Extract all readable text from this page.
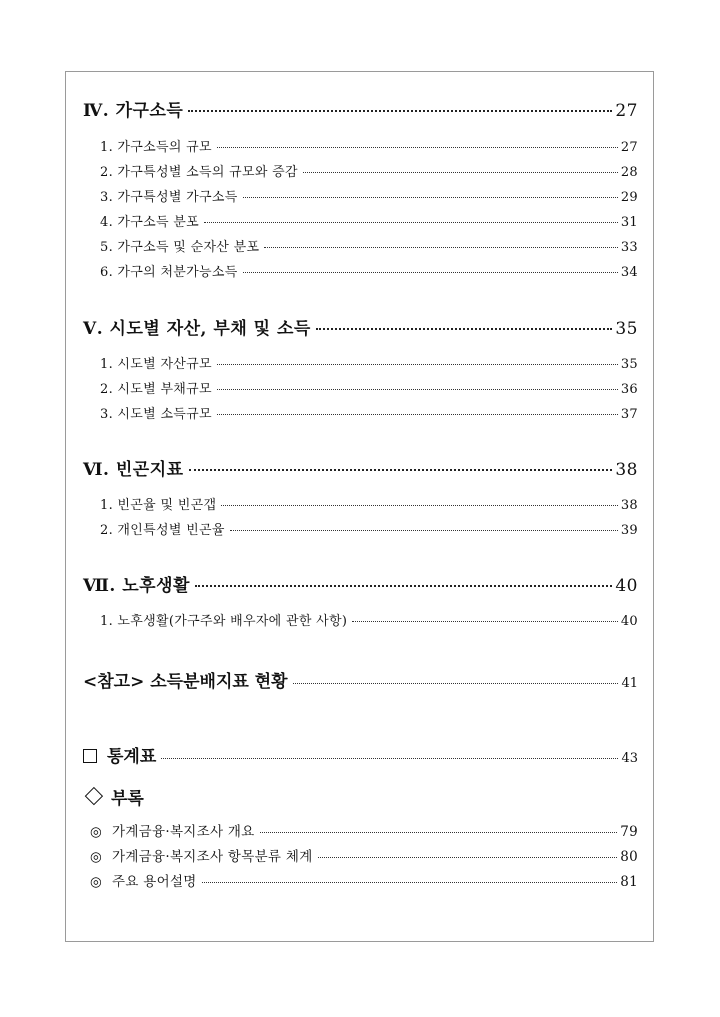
Ⅳ. 가구소득	27
1. 가구소득의 규모	27
2. 가구특성별 소득의 규모와 증감	28
3. 가구특성별 가구소득	29
4. 가구소득 분포	31
5. 가구소득 및 순자산 분포	33
6. 가구의 처분가능소득	34
Ⅴ. 시도별 자산, 부채 및 소득	35
1. 시도별 자산규모	35
2. 시도별 부채규모	36
3. 시도별 소득규모	37
Ⅵ. 빈곤지표	38
1. 빈곤율 및 빈곤갭	38
2. 개인특성별 빈곤율	39
Ⅶ. 노후생활	40
1. 노후생활(가구주와 배우자에 관한 사항)	40
<참고> 소득분배지표 현황	41
통계표	43
부록
◎ 가계금융·복지조사 개요	79
◎ 가계금융·복지조사 항목분류 체계	80
◎ 주요 용어설명	81
